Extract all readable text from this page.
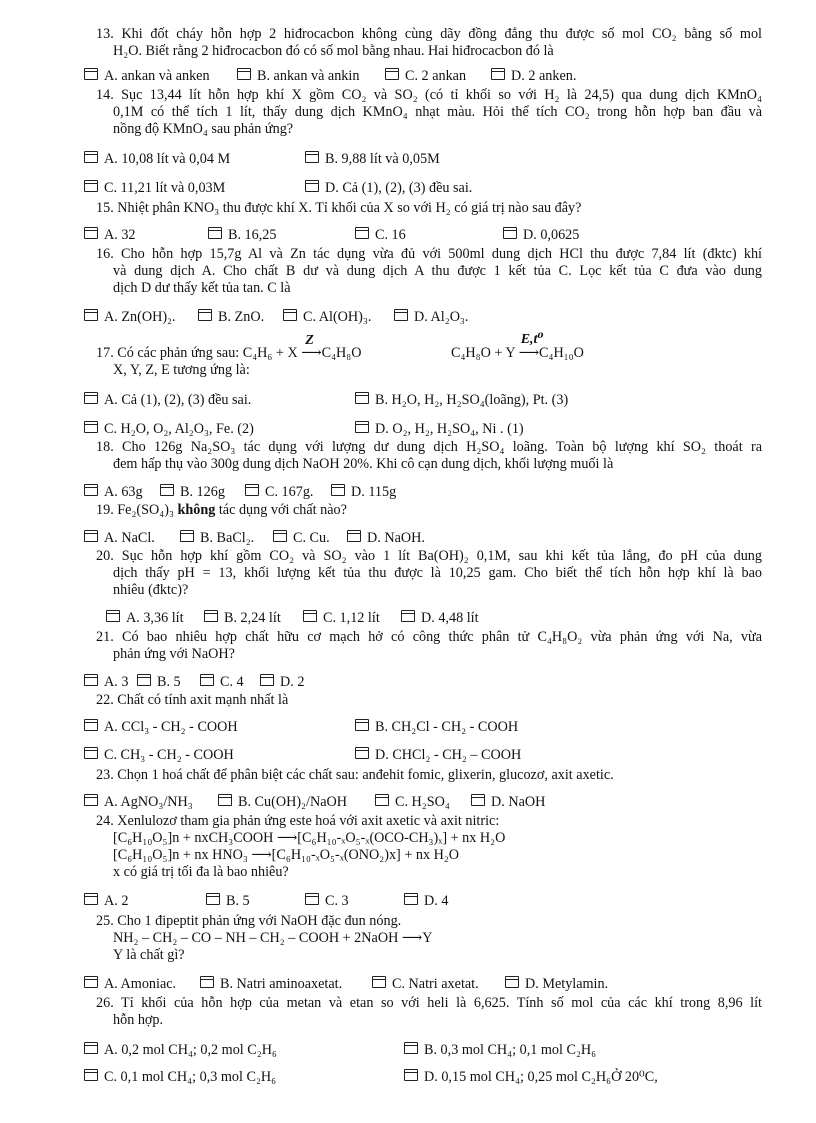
13. Khi đốt cháy hỗn hợp 2 hiđrocacbon không cùng dãy đồng đẳng thu được số mol CO₂ bằng số mol
H₂O. Biết rằng 2 hiđrocacbon đó có số mol bằng nhau. Hai hiđrocacbon đó là
A. ankan và anken	B. ankan và ankin	C. 2 ankan	D. 2 anken.
14. Sục 13,44 lít hỗn hợp khí X gồm CO₂ và SO₂ (có tỉ khối so với H₂ là 24,5) qua dung dịch KMnO₄
0,1M có thể tích 1 lít, thấy dung dịch KMnO₄ nhạt màu. Hỏi thể tích CO₂ trong hỗn hợp ban đầu và
nồng độ KMnO₄ sau phản ứng?
A. 10,08 lít và 0,04 M	B. 9,88 lít và 0,05M
C. 11,21 lít và 0,03M	D. Cả (1), (2), (3) đều sai.
15. Nhiệt phân KNO₃ thu được khí X. Tỉ khối của X so với H₂ có giá trị nào sau đây?
A. 32	B. 16,25	C. 16	D. 0,0625
16. Cho hỗn hợp 15,7g Al và Zn tác dụng vừa đủ với 500ml dung dịch HCl thu được 7,84 lít (đktc) khí
và dung dịch A. Cho chất B dư và dung dịch A thu được 1 kết tủa C. Lọc kết tủa C đưa vào dung
dịch D dư thấy kết tủa tan. C là
A. Zn(OH)₂.	B. ZnO.	C. Al(OH)₃.	D. Al₂O₃.
17. Có các phản ứng sau: C₄H₆ + X
Z
⟶C₄H₈O	C₄H₈O + Y
E,t⁰
⟶C₄H₁₀O
X, Y, Z, E tương ứng là:
A. Cả (1), (2), (3) đều sai.	B. H₂O, H₂, H₂SO₄(loãng), Pt. (3)
C. H₂O, O₂, Al₂O₃, Fe. (2)	D. O₂, H₂, H₂SO₄, Ni . (1)
18. Cho 126g Na₂SO₃ tác dụng với lượng dư dung dịch H₂SO₄ loãng. Toàn bộ lượng khí SO₂ thoát ra
đem hấp thụ vào 300g dung dịch NaOH 20%. Khi cô cạn dung dịch, khối lượng muối là
A. 63g	B. 126g	C. 167g.	D. 115g
19. Fe₂(SO₄)₃ không tác dụng với chất nào?
A. NaCl.	B. BaCl₂.	C. Cu.	D. NaOH.
20. Sục hỗn hợp khí gồm CO₂ và SO₂ vào 1 lít Ba(OH)₂ 0,1M, sau khi kết tủa lắng, đo pH của dung
dịch thấy pH = 13, khối lượng kết tủa thu được là 10,25 gam. Cho biết thể tích hỗn hợp khí là bao
nhiêu (đktc)?
A. 3,36 lít	B. 2,24 lít	C. 1,12 lít	D. 4,48 lít
21. Có bao nhiêu hợp chất hữu cơ mạch hở có công thức phân tử C₄H₈O₂ vừa phản ứng với Na, vừa
phản ứng với NaOH?
A. 3	B. 5	C. 4	D. 2
22. Chất có tính axit mạnh nhất là
A. CCl₃ - CH₂ - COOH	B. CH₂Cl - CH₂ - COOH
C. CH₃ - CH₂ - COOH	D. CHCl₂ - CH₂ – COOH
23. Chọn 1 hoá chất để phân biệt các chất sau: anđehit fomic, glixerin, glucozơ, axit axetic.
A. AgNO₃/NH₃	B. Cu(OH)₂/NaOH	C. H₂SO₄	D. NaOH
24. Xenlulozơ tham gia phản ứng este hoá với axit axetic và axit nitric:
[C₆H₁₀O₅]n + nxCH₃COOH ⟶[C₆H₁₀-ₓO₅-ₓ(OCO-CH₃)ₓ] + nx H₂O
[C₆H₁₀O₅]n + nx HNO₃ ⟶[C₆H₁₀-ₓO₅-ₓ(ONO₂)x] + nx H₂O
x có giá trị tối đa là bao nhiêu?
A. 2	B. 5	C. 3	D. 4
25. Cho 1 đipeptit phản ứng với NaOH đặc đun nóng.
NH₂ – CH₂ – CO – NH – CH₂ – COOH + 2NaOH ⟶Y
Y là chất gì?
A. Amoniac.	B. Natri aminoaxetat.	C. Natri axetat.	D. Metylamin.
26. Tỉ khối của hỗn hợp của metan và etan so với heli là 6,625. Tính số mol của các khí trong 8,96 lít
hỗn hợp.
A. 0,2 mol CH₄; 0,2 mol C₂H₆	B. 0,3 mol CH₄; 0,1 mol C₂H₆
C. 0,1 mol CH₄; 0,3 mol C₂H₆	D. 0,15 mol CH₄; 0,25 mol C₂H₆Ở 20⁰C,
